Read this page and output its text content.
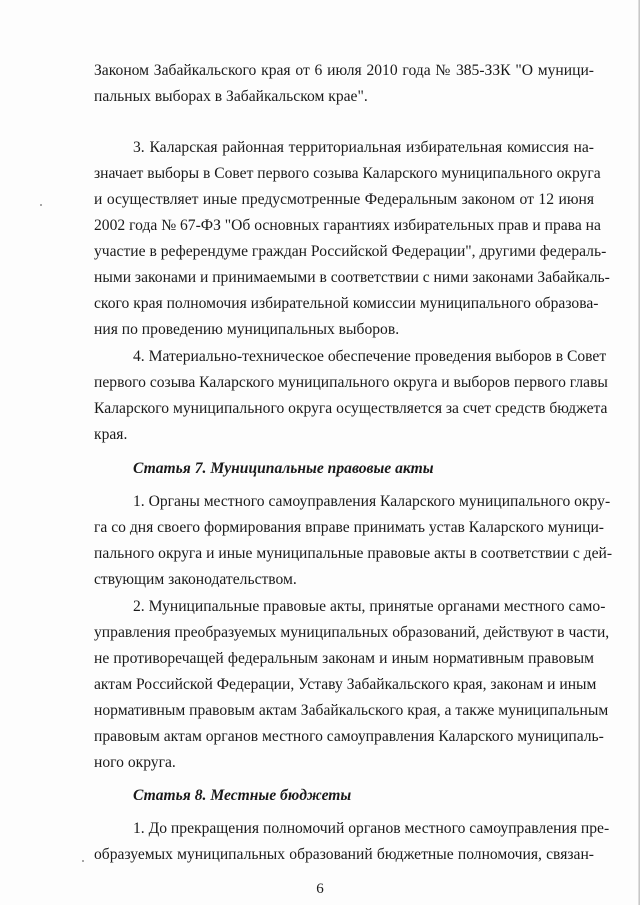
Законом Забайкальского края от 6 июля 2010 года № 385-ЗЗК "О муници-
пальных выборах в Забайкальском крае".
3. Каларская районная территориальная избирательная комиссия на-
значает выборы в Совет первого созыва Каларского муниципального округа
и осуществляет иные предусмотренные Федеральным законом от 12 июня
2002 года № 67-ФЗ "Об основных гарантиях избирательных прав и права на
участие в референдуме граждан Российской Федерации", другими федераль-
ными законами и принимаемыми в соответствии с ними законами Забайкаль-
ского края полномочия избирательной комиссии муниципального образова-
ния по проведению муниципальных выборов.
4. Материально-техническое обеспечение проведения выборов в Совет
первого созыва Каларского муниципального округа и выборов первого главы
Каларского муниципального округа осуществляется за счет средств бюджета
края.
Статья 7. Муниципальные правовые акты
1. Органы местного самоуправления Каларского муниципального окру-
га со дня своего формирования вправе принимать устав Каларского муници-
пального округа и иные муниципальные правовые акты в соответствии с дей-
ствующим законодательством.
2. Муниципальные правовые акты, принятые органами местного само-
управления преобразуемых муниципальных образований, действуют в части,
не противоречащей федеральным законам и иным нормативным правовым
актам Российской Федерации, Уставу Забайкальского края, законам и иным
нормативным правовым актам Забайкальского края, а также муниципальным
правовым актам органов местного самоуправления Каларского муниципаль-
ного округа.
Статья 8. Местные бюджеты
1. До прекращения полномочий органов местного самоуправления пре-
образуемых муниципальных образований бюджетные полномочия, связан-
6
